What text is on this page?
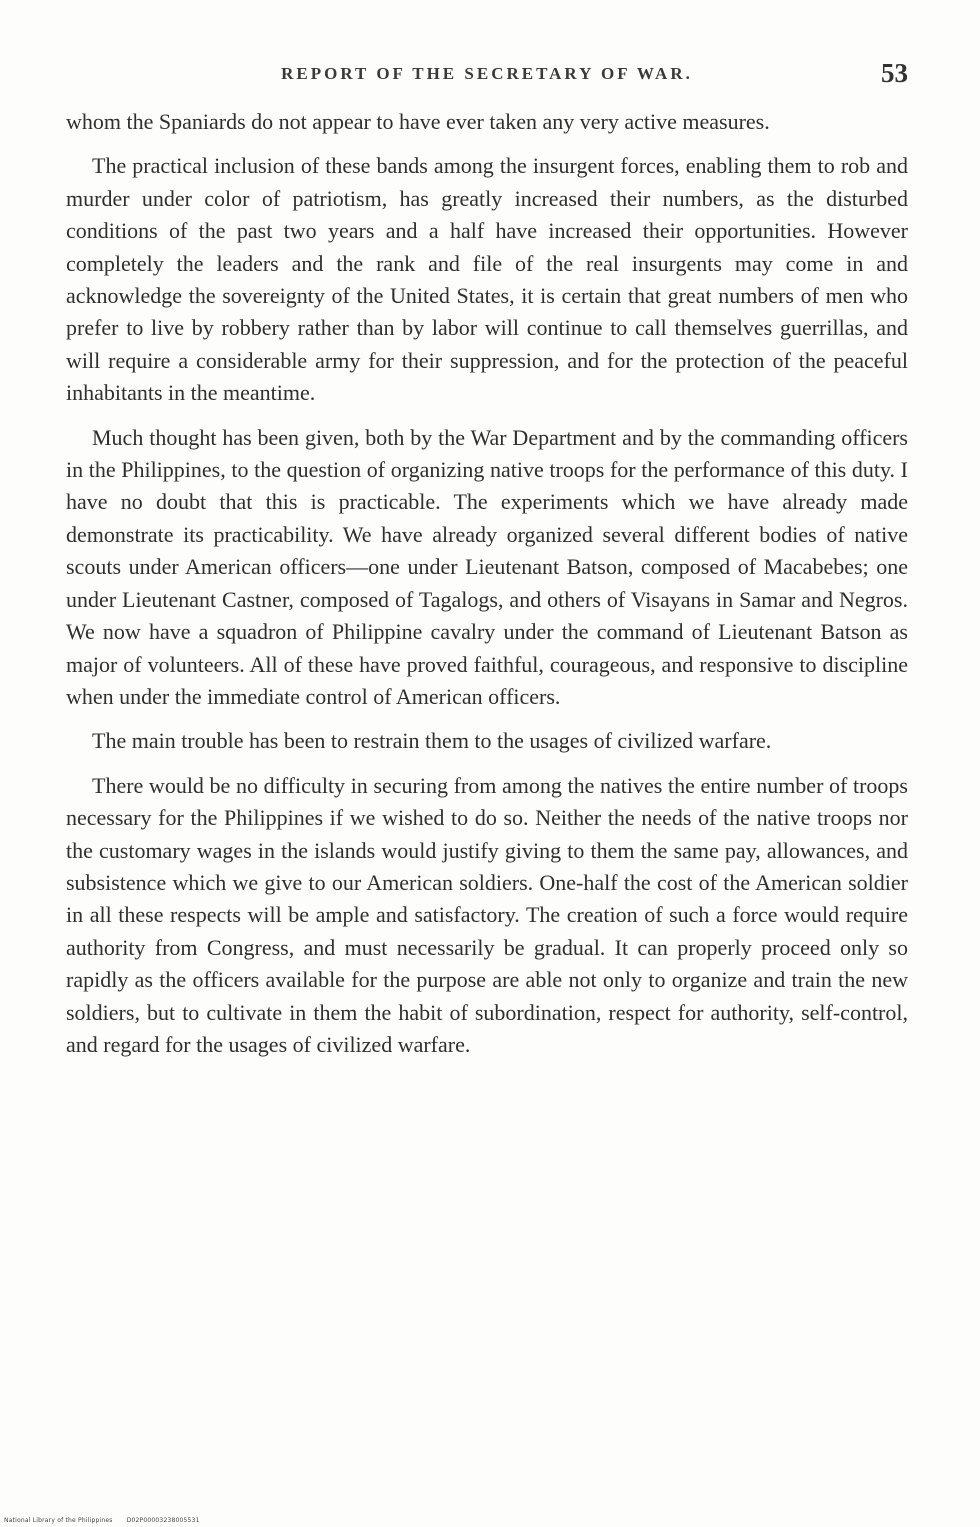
REPORT OF THE SECRETARY OF WAR.	53

whom the Spaniards do not appear to have ever taken any very active measures.

The practical inclusion of these bands among the insurgent forces, enabling them to rob and murder under color of patriotism, has greatly increased their numbers, as the disturbed conditions of the past two years and a half have increased their opportunities. However completely the leaders and the rank and file of the real insurgents may come in and acknowledge the sovereignty of the United States, it is certain that great numbers of men who prefer to live by robbery rather than by labor will continue to call themselves guerrillas, and will require a considerable army for their suppression, and for the protection of the peaceful inhabitants in the meantime.

Much thought has been given, both by the War Department and by the commanding officers in the Philippines, to the question of organizing native troops for the performance of this duty. I have no doubt that this is practicable. The experiments which we have already made demonstrate its practicability. We have already organized several different bodies of native scouts under American officers—one under Lieutenant Batson, composed of Macabebes; one under Lieutenant Castner, composed of Tagalogs, and others of Visayans in Samar and Negros. We now have a squadron of Philippine cavalry under the command of Lieutenant Batson as major of volunteers. All of these have proved faithful, courageous, and responsive to discipline when under the immediate control of American officers.

The main trouble has been to restrain them to the usages of civilized warfare.

There would be no difficulty in securing from among the natives the entire number of troops necessary for the Philippines if we wished to do so. Neither the needs of the native troops nor the customary wages in the islands would justify giving to them the same pay, allowances, and subsistence which we give to our American soldiers. One-half the cost of the American soldier in all these respects will be ample and satisfactory. The creation of such a force would require authority from Congress, and must necessarily be gradual. It can properly proceed only so rapidly as the officers available for the purpose are able not only to organize and train the new soldiers, but to cultivate in them the habit of subordination, respect for authority, self-control, and regard for the usages of civilized warfare.

National Library of the Philippines D02P00003238005531
